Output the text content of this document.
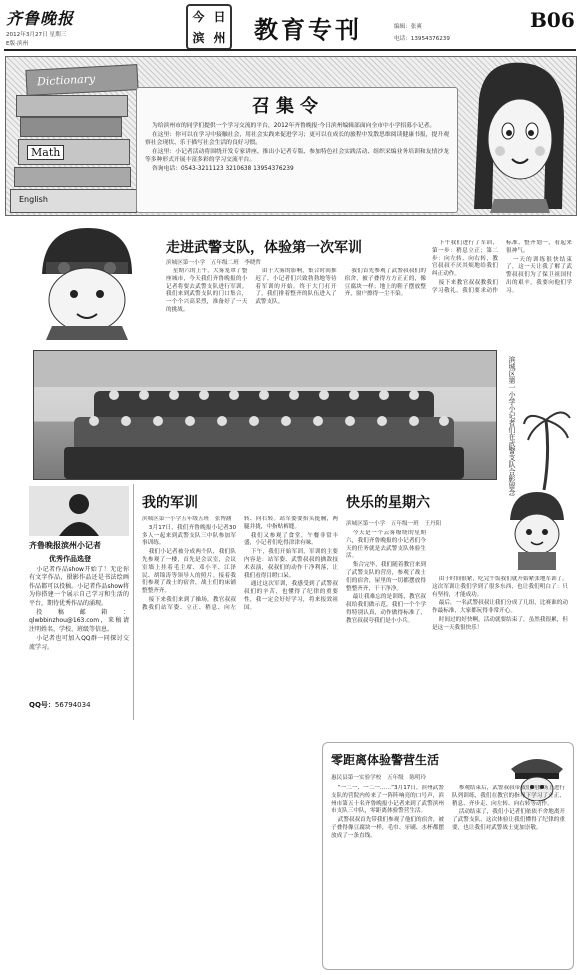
齐鲁晚报
2012年3月27日 星期三
E版·滨州
今 日
滨 州 教育专刊	编辑：张爽
电话：13954376239
B06
Dictionary
Math
English
召集令

为给滨州市的同学们提供一个学习交流的平台，2012年齐鲁晚报·今日滨州编辑部面向全市中小学招募小记者。

在这里：你可以在学习中接触社会，用社会实践来促进学习；更可以在成长的旅程中发散思维阅读健康书报，提升观察社会现状、乐于描写社会生活的良好习惯。

在这里：小记者活动将围绕开发专家讲座、推出小记者专版、参加特色社会实践活动、组织采编业务培训和友情沙龙等多种形式开展丰富多彩的学习交流平台。

咨询电话：0543-3211123 3210638 13954376239

走进武警支队，体验第一次军训
滨城区第一小学　五年级二班　李晓哲

星期六的上午，大雾笼罩了整座城市，今天我们齐鲁晚报的小记者将要去武警支队进行军训。我们来到武警支队的门口集合，一个个兴高采烈，准备好了一天的挑战。

由于大雾的影响，集合时间推迟了，小记者们兴致勃勃地等待着军训的开始。终于大门打开了，我们排着整齐的队伍进入了武警支队。

我们首先参观了武警叔叔们的宿舍，被子叠得方方正正的，像豆腐块一样；地上的鞋子摆放整齐，窗户擦得一尘不染。

下午我们进行了军训，第一步：稍息立正；第二步：向左转、向右转，教官叔叔不厌其烦地给我们纠正动作。

接下来教官叔叔教我们学习敬礼，我们要求动作标准、整齐划一，看起来很神气。

一天的训练很快结束了，这一天让我了解了武警叔叔们为了保卫祖国付出的艰辛，我要向他们学习。

滨城区第一小学小记者们在武警支队合影留念
齐鲁晚报滨州小记者
优秀作品选登

小记者作品show开始了！无论你有文字作品，摄影作品还是书法绘画作品都可以投稿。小记者作品show将为你搭建一个展示自己学习和生活的平台，期待优秀作品的涌现。

投稿邮箱：qlwbbinzhou@163.com，来稿请注明姓名、学校、班级等信息。

小记者也可加入QQ群一同探讨交流学习。

QQ号：56794034
我的军训

滨城区第一小学五年级五班　张博涵

3月17日，我们齐鲁晚报小记者30多人一起来到武警支队三中队参加军事训练。

我们小记者被分成两个队，我们队先参观了一楼，首先是会议室，会议室墙上挂着毛主席、邓小平、江泽民、胡锦涛等领导人的照片。接着我们参观了战士的宿舍，战士们的床铺整整齐齐。

接下来我们来到了操场，教官叔叔教我们站军姿、立正、稍息、向左转、向右转。站军姿要抬头挺胸，两腿并拢，中指贴裤缝。

我们又参观了食堂，午餐非常丰盛，小记者们吃得津津有味。

下午，我们开始军训，军训的主要内容是：站军姿、武警叔叔的擒敌技术表演，叔叔们的动作干净利落，让我们看得目瞪口呆。

通过这次军训，我感受到了武警叔叔们的辛苦，也懂得了纪律的重要性，我一定会好好学习，将来报效祖国。

快乐的星期六
滨城区第一小学　五年级一班　王丹阳

今天是一个云雾缭绕的星期六，我们齐鲁晚报的小记者们今天的任务就是去武警支队体验生活。

集合完毕，我们随着教官来到了武警支队的营房，参观了战士们的宿舍，屋里的一切都摆放得整整齐齐，干干净净。

最让我难忘的是训练，教官叔叔给我们做示范，我们一个个学得特别认真，动作做得标准了，教官叔叔夸我们是小小兵。

由于时间很紧，吃完午饭我们就开始紧张地军训了。这次军训让我们学到了很多东西，也让我们明白了：只有坚持，才能成功。

最后，一名武警叔叔让我们分成了几组，比赛谁的动作最标准，大家都玩得非常开心。

时间过的好快啊，活动就要结束了，虽然我很累，但是这一天我很快乐！

零距离体验警营生活
惠民县第一实验学校　五年级　陈明玲

“一二一、一二一……”3月17日，滨州武警支队的营院内传来了一阵阵响亮的口号声，滨州市第五十名齐鲁晚报小记者来到了武警滨州市支队三中队，零距离体验警营生活。

武警叔叔首先带我们参观了他们的宿舍，被子叠得像豆腐块一样，毛巾、牙刷、水杯都摆放成了一条直线。

参观结束后，武警叔叔带我们到操场上进行队列训练，我们在教官的指导下学习了立正、稍息、齐步走、向左转、向右转等动作。

活动结束了，我们小记者们依依不舍地离开了武警支队，这次体验让我们懂得了纪律的重要，也让我们对武警战士更加崇敬。
